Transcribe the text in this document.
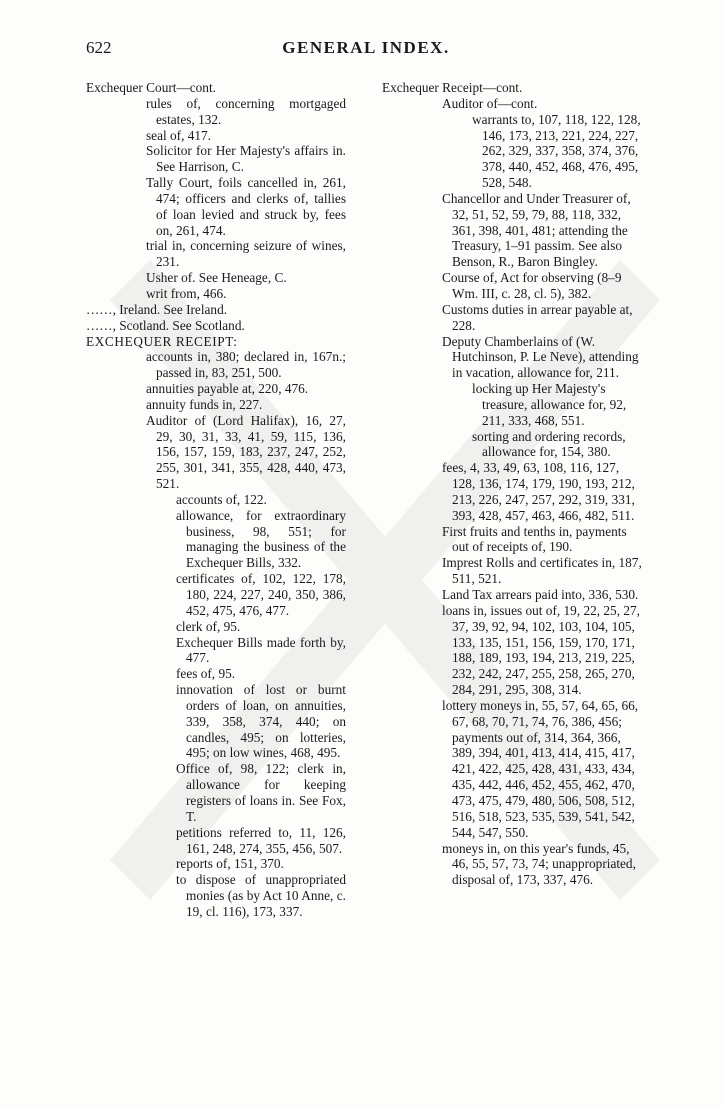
622	GENERAL INDEX.
Exchequer Court—cont.
rules of, concerning mortgaged estates, 132.
seal of, 417.
Solicitor for Her Majesty's affairs in. See Harrison, C.
Tally Court, foils cancelled in, 261, 474; officers and clerks of, tallies of loan levied and struck by, fees on, 261, 474.
trial in, concerning seizure of wines, 231.
Usher of. See Heneage, C.
writ from, 466.
……, Ireland. See Ireland.
……, Scotland. See Scotland.
EXCHEQUER RECEIPT:
accounts in, 380; declared in, 167n.; passed in, 83, 251, 500.
annuities payable at, 220, 476.
annuity funds in, 227.
Auditor of (Lord Halifax), 16, 27, 29, 30, 31, 33, 41, 59, 115, 136, 156, 157, 159, 183, 237, 247, 252, 255, 301, 341, 355, 428, 440, 473, 521.
accounts of, 122.
allowance, for extraordinary business, 98, 551; for managing the business of the Exchequer Bills, 332.
certificates of, 102, 122, 178, 180, 224, 227, 240, 350, 386, 452, 475, 476, 477.
clerk of, 95.
Exchequer Bills made forth by, 477.
fees of, 95.
innovation of lost or burnt orders of loan, on annuities, 339, 358, 374, 440; on candles, 495; on lotteries, 495; on low wines, 468, 495.
Office of, 98, 122; clerk in, allowance for keeping registers of loans in. See Fox, T.
petitions referred to, 11, 126, 161, 248, 274, 355, 456, 507.
reports of, 151, 370.
to dispose of unappropriated monies (as by Act 10 Anne, c. 19, cl. 116), 173, 337.
Exchequer Receipt—cont.
Auditor of—cont.
warrants to, 107, 118, 122, 128, 146, 173, 213, 221, 224, 227, 262, 329, 337, 358, 374, 376, 378, 440, 452, 468, 476, 495, 528, 548.
Chancellor and Under Treasurer of, 32, 51, 52, 59, 79, 88, 118, 332, 361, 398, 401, 481; attending the Treasury, 1–91 passim. See also Benson, R., Baron Bingley.
Course of, Act for observing (8–9 Wm. III, c. 28, cl. 5), 382.
Customs duties in arrear payable at, 228.
Deputy Chamberlains of (W. Hutchinson, P. Le Neve), attending in vacation, allowance for, 211.
locking up Her Majesty's treasure, allowance for, 92, 211, 333, 468, 551.
sorting and ordering records, allowance for, 154, 380.
fees, 4, 33, 49, 63, 108, 116, 127, 128, 136, 174, 179, 190, 193, 212, 213, 226, 247, 257, 292, 319, 331, 393, 428, 457, 463, 466, 482, 511.
First fruits and tenths in, payments out of receipts of, 190.
Imprest Rolls and certificates in, 187, 511, 521.
Land Tax arrears paid into, 336, 530.
loans in, issues out of, 19, 22, 25, 27, 37, 39, 92, 94, 102, 103, 104, 105, 133, 135, 151, 156, 159, 170, 171, 188, 189, 193, 194, 213, 219, 225, 232, 242, 247, 255, 258, 265, 270, 284, 291, 295, 308, 314.
lottery moneys in, 55, 57, 64, 65, 66, 67, 68, 70, 71, 74, 76, 386, 456; payments out of, 314, 364, 366, 389, 394, 401, 413, 414, 415, 417, 421, 422, 425, 428, 431, 433, 434, 435, 442, 446, 452, 455, 462, 470, 473, 475, 479, 480, 506, 508, 512, 516, 518, 523, 535, 539, 541, 542, 544, 547, 550.
moneys in, on this year's funds, 45, 46, 55, 57, 73, 74; unappropriated, disposal of, 173, 337, 476.
